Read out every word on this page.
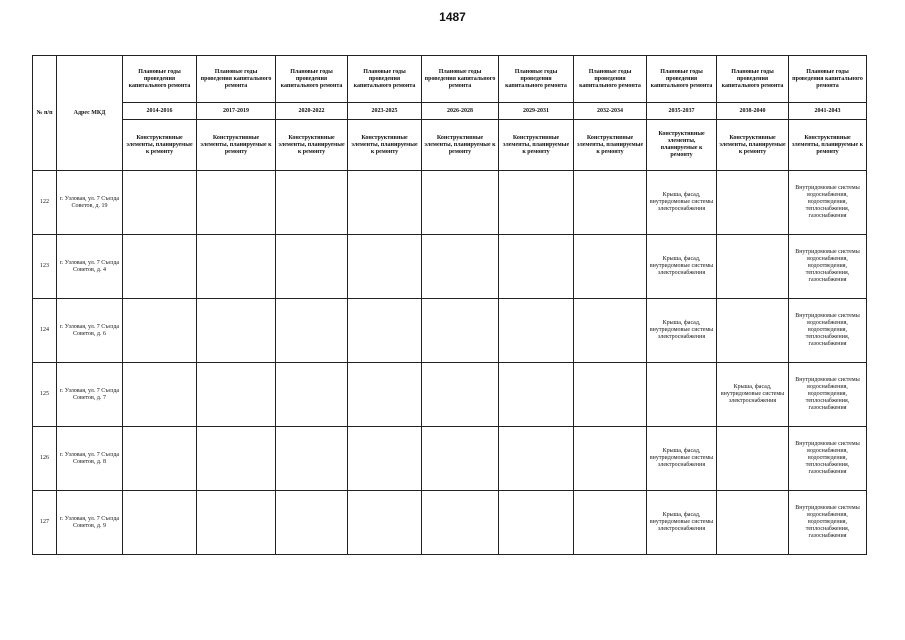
1487
№ п/п	Адрес МКД	Плановые годы проведения капитального ремонта	Плановые годы проведения капитального ремонта	Плановые годы проведения капитального ремонта	Плановые годы проведения капитального ремонта	Плановые годы проведения капитального ремонта	Плановые годы проведения капитального ремонта	Плановые годы проведения капитального ремонта	Плановые годы проведения капитального ремонта	Плановые годы проведения капитального ремонта	Плановые годы проведения капитального ремонта
		2014-2016	2017-2019	2020-2022	2023-2025	2026-2028	2029-2031	2032-2034	2035-2037	2038-2040	2041-2043
		Конструктивные элементы, планируемые к ремонту	Конструктивные элементы, планируемые к ремонту	Конструктивные элементы, планируемые к ремонту	Конструктивные элементы, планируемые к ремонту	Конструктивные элементы, планируемые к ремонту	Конструктивные элементы, планируемые к ремонту	Конструктивные элементы, планируемые к ремонту	Конструктивные элементы, планируемые к ремонту	Конструктивные элементы, планируемые к ремонту	Конструктивные элементы, планируемые к ремонту
122	г. Узловая, ул. 7 Съезда Советов, д. 19								Крыша, фасад, внутридомовые системы электроснабжения		Внутридомовые системы водоснабжения, водоотведения, теплоснабжения, газоснабжения
123	г. Узловая, ул. 7 Съезда Советов, д. 4								Крыша, фасад, внутридомовые системы электроснабжения		Внутридомовые системы водоснабжения, водоотведения, теплоснабжения, газоснабжения
124	г. Узловая, ул. 7 Съезда Советов, д. 6								Крыша, фасад, внутридомовые системы электроснабжения		Внутридомовые системы водоснабжения, водоотведения, теплоснабжения, газоснабжения
125	г. Узловая, ул. 7 Съезда Советов, д. 7									Крыша, фасад, внутридомовые системы электроснабжения	Внутридомовые системы водоснабжения, водоотведения, теплоснабжения, газоснабжения
126	г. Узловая, ул. 7 Съезда Советов, д. 8								Крыша, фасад, внутридомовые системы электроснабжения		Внутридомовые системы водоснабжения, водоотведения, теплоснабжения, газоснабжения
127	г. Узловая, ул. 7 Съезда Советов, д. 9								Крыша, фасад, внутридомовые системы электроснабжения		Внутридомовые системы водоснабжения, водоотведения, теплоснабжения, газоснабжения
